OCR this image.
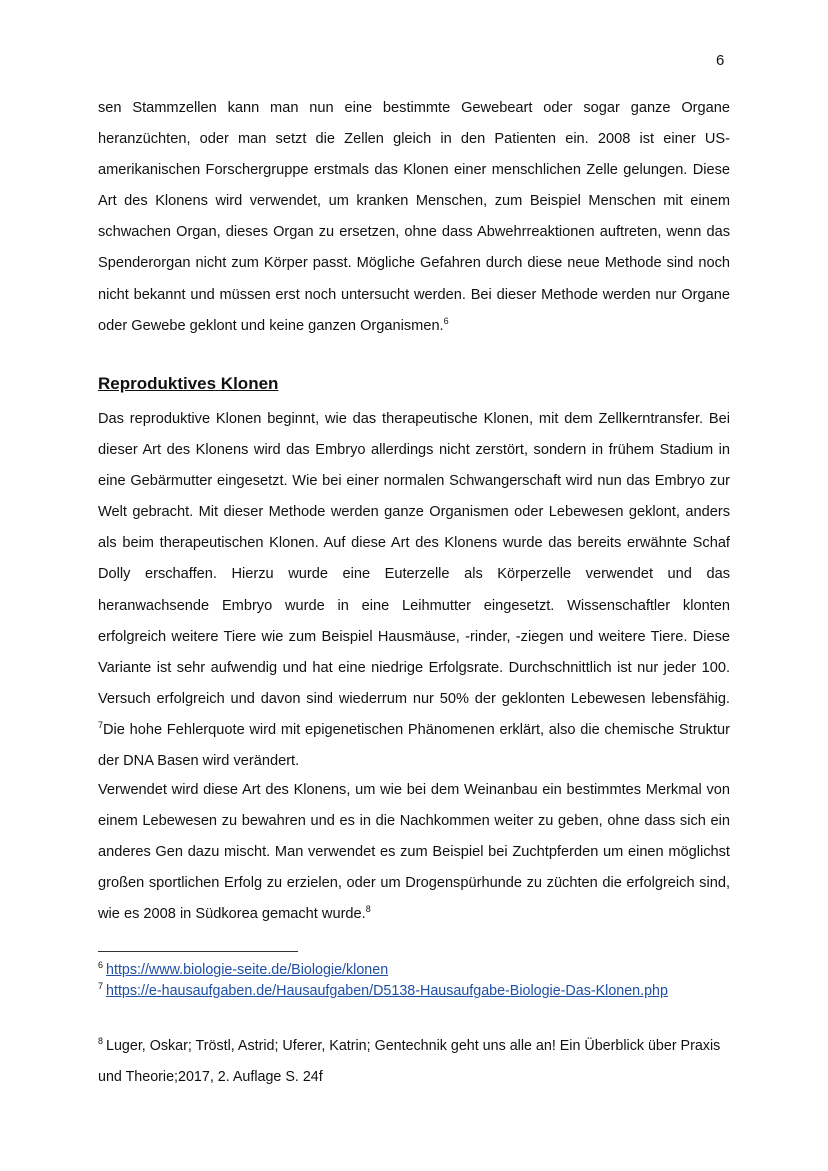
6
sen Stammzellen kann man nun eine bestimmte Gewebeart oder sogar ganze Organe heranzüchten, oder man setzt die Zellen gleich in den Patienten ein. 2008 ist einer US-amerikanischen Forschergruppe erstmals das Klonen einer menschlichen Zelle gelungen. Diese Art des Klonens wird verwendet, um kranken Menschen, zum Beispiel Menschen mit einem schwachen Organ, dieses Organ zu ersetzen, ohne dass Abwehrreaktionen auftreten, wenn das Spenderorgan nicht zum Körper passt. Mögliche Gefahren durch diese neue Methode sind noch nicht bekannt und müssen erst noch untersucht werden. Bei dieser Methode werden nur Organe oder Gewebe geklont und keine ganzen Organismen.$^6$
Reproduktives Klonen
Das reproduktive Klonen beginnt, wie das therapeutische Klonen, mit dem Zellkerntransfer. Bei dieser Art des Klonens wird das Embryo allerdings nicht zerstört, sondern in frühem Stadium in eine Gebärmutter eingesetzt. Wie bei einer normalen Schwangerschaft wird nun das Embryo zur Welt gebracht. Mit dieser Methode werden ganze Organismen oder Lebewesen geklont, anders als beim therapeutischen Klonen. Auf diese Art des Klonens wurde das bereits erwähnte Schaf Dolly erschaffen. Hierzu wurde eine Euterzelle als Körperzelle verwendet und das heranwachsende Embryo wurde in eine Leihmutter eingesetzt. Wissenschaftler klonten erfolgreich weitere Tiere wie zum Beispiel Hausmäuse, -rinder, -ziegen und weitere Tiere. Diese Variante ist sehr aufwendig und hat eine niedrige Erfolgsrate. Durchschnittlich ist nur jeder 100. Versuch erfolgreich und davon sind wiederrum nur 50% der geklonten Lebewesen lebensfähig. $^7$Die hohe Fehlerquote wird mit epigenetischen Phänomenen erklärt, also die chemische Struktur der DNA Basen wird verändert.
Verwendet wird diese Art des Klonens, um wie bei dem Weinanbau ein bestimmtes Merkmal von einem Lebewesen zu bewahren und es in die Nachkommen weiter zu geben, ohne dass sich ein anderes Gen dazu mischt. Man verwendet es zum Beispiel bei Zuchtpferden um einen möglichst großen sportlichen Erfolg zu erzielen, oder um Drogenspürhunde zu züchten die erfolgreich sind, wie es 2008 in Südkorea gemacht wurde.$^8$
$^6$ https://www.biologie-seite.de/Biologie/klonen
$^7$ https://e-hausaufgaben.de/Hausaufgaben/D5138-Hausaufgabe-Biologie-Das-Klonen.php
$^8$ Luger, Oskar; Tröstl, Astrid; Uferer, Katrin; Gentechnik geht uns alle an! Ein Überblick über Praxis und Theorie;2017, 2. Auflage S. 24f
